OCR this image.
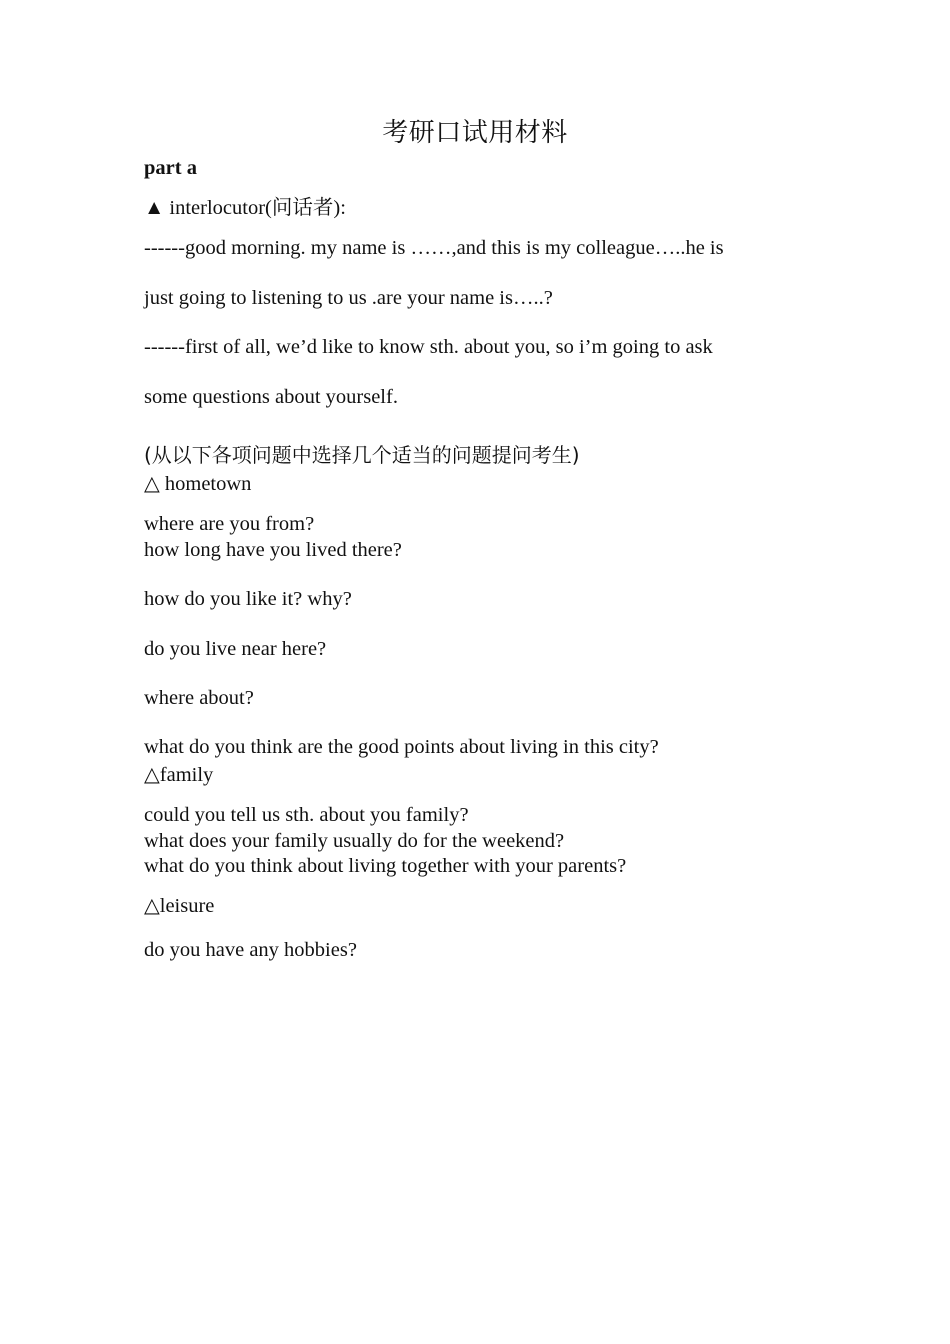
考研口试用材料
part a
▲ interlocutor(问话者):
------good morning. my name is ……,and this is my colleague…..he is
just going to listening to us .are your name is…..?
------first of all, we’d like to know sth. about you, so i’m going to ask
some questions about yourself.
(从以下各项问题中选择几个适当的问题提问考生)
△ hometown
where are you from?
how long have you lived there?
how do you like it? why?
do you live near here?
where about?
what do you think are the good points about living in this city?
△family
could you tell us sth. about you family?
what does your family usually do for the weekend?
what do you think about living together with your parents?
△leisure
do you have any hobbies?
